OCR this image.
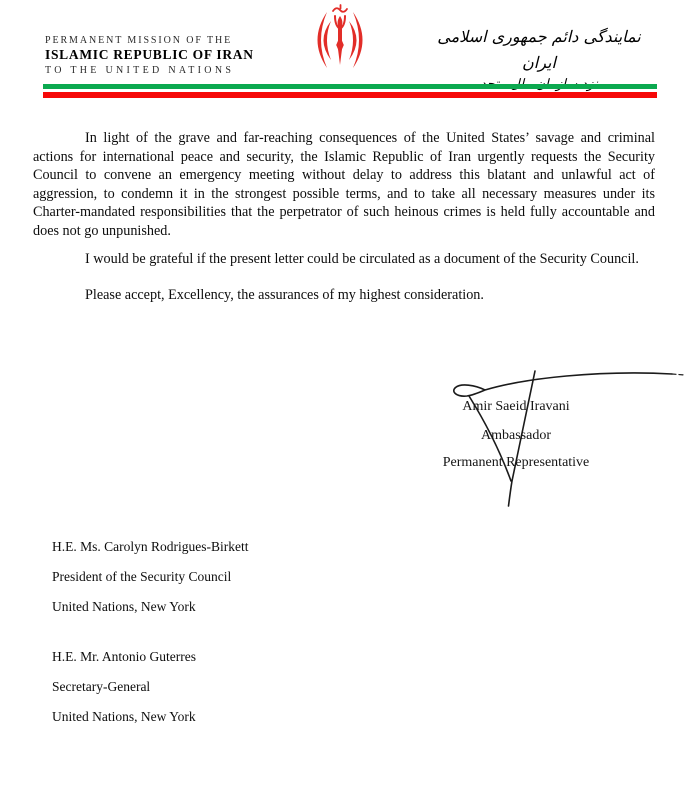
PERMANENT MISSION OF THE
ISLAMIC REPUBLIC OF IRAN
TO THE UNITED NATIONS
نمایندگی دائم جمهوری اسلامی ایران

In light of the grave and far-reaching consequences of the United States’ savage and criminal actions for international peace and security, the Islamic Republic of Iran urgently requests the Security Council to convene an emergency meeting without delay to address this blatant and unlawful act of aggression, to condemn it in the strongest possible terms, and to take all necessary measures under its Charter-mandated responsibilities that the perpetrator of such heinous crimes is held fully accountable and does not go unpunished.

I would be grateful if the present letter could be circulated as a document of the Security Council.

Please accept, Excellency, the assurances of my highest consideration.

Amir Saeid Iravani
Ambassador
Permanent Representative
H.E. Ms. Carolyn Rodrigues-Birkett
President of the Security Council
United Nations, New York
H.E. Mr. Antonio Guterres
Secretary-General
United Nations, New York
